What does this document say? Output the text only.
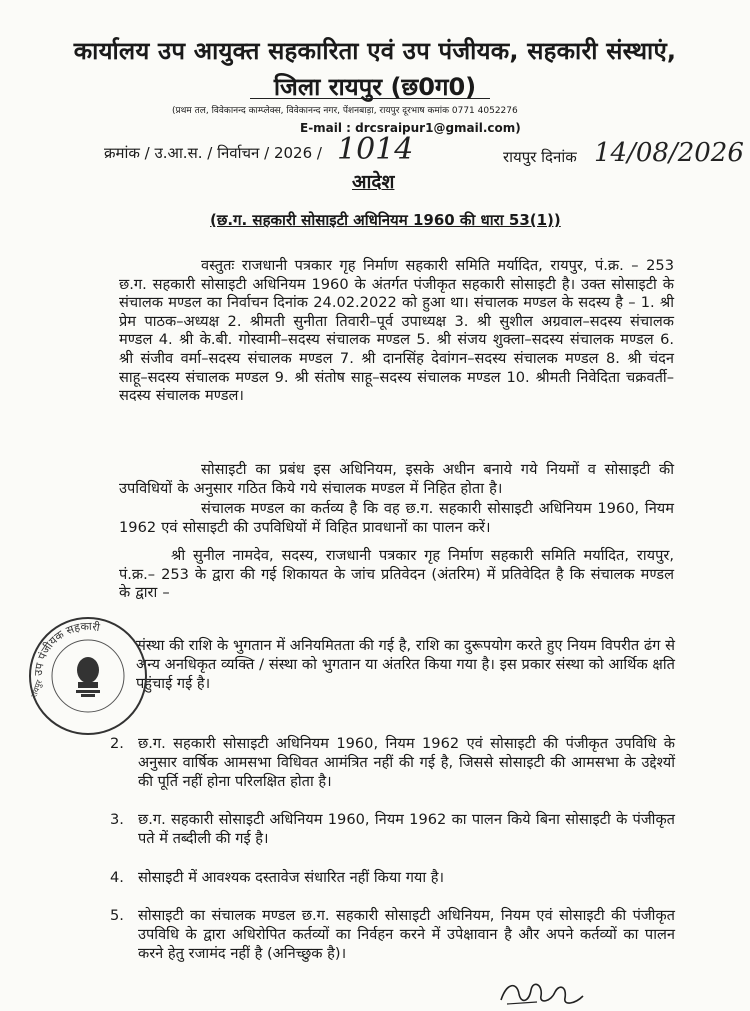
कार्यालय उप आयुक्त सहकारिता एवं उप पंजीयक, सहकारी संस्थाएं,
जिला रायपुर (छ0ग0)
(प्रथम तल, विवेकानन्द काम्प्लेक्स, विवेकानन्द नगर, पेंशनबाड़ा, रायपुर दूरभाष कमांक 0771 4052276
E-mail : drcsraipur1@gmail.com)
क्रमांक / उ.आ.स. / निर्वाचन / 2026 / 1014	रायपुर दिनांक 14/08/2026
आदेश
(छ.ग. सहकारी सोसाइटी अधिनियम 1960 की धारा 53(1))
वस्तुतः राजधानी पत्रकार गृह निर्माण सहकारी समिति मर्यादित, रायपुर, पं.क्र. – 253 छ.ग. सहकारी सोसाइटी अधिनियम 1960 के अंतर्गत पंजीकृत सहकारी सोसाइटी है। उक्त सोसाइटी के संचालक मण्डल का निर्वाचन दिनांक 24.02.2022 को हुआ था। संचालक मण्डल के सदस्य है – 1. श्री प्रेम पाठक–अध्यक्ष 2. श्रीमती सुनीता तिवारी–पूर्व उपाध्यक्ष 3. श्री सुशील अग्रवाल–सदस्य संचालक मण्डल 4. श्री के.बी. गोस्वामी–सदस्य संचालक मण्डल 5. श्री संजय शुक्ला–सदस्य संचालक मण्डल 6. श्री संजीव वर्मा–सदस्य संचालक मण्डल 7. श्री दानसिंह देवांगन–सदस्य संचालक मण्डल 8. श्री चंदन साहू–सदस्य संचालक मण्डल 9. श्री संतोष साहू–सदस्य संचालक मण्डल 10. श्रीमती निवेदिता चक्रवर्ती–सदस्य संचालक मण्डल।
सोसाइटी का प्रबंध इस अधिनियम, इसके अधीन बनाये गये नियमों व सोसाइटी की उपविधियों के अनुसार गठित किये गये संचालक मण्डल में निहित होता है।
संचालक मण्डल का कर्तव्य है कि वह छ.ग. सहकारी सोसाइटी अधिनियम 1960, नियम 1962 एवं सोसाइटी की उपविधियों में विहित प्रावधानों का पालन करें।
श्री सुनील नामदेव, सदस्य, राजधानी पत्रकार गृह निर्माण सहकारी समिति मर्यादित, रायपुर, पं.क्र.– 253 के द्वारा की गई शिकायत के जांच प्रतिवेदन (अंतरिम) में प्रतिवेदित है कि संचालक मण्डल के द्वारा –
संस्था की राशि के भुगतान में अनियमितता की गई है, राशि का दुरूपयोग करते हुए नियम विपरीत ढंग से अन्य अनधिकृत व्यक्ति / संस्था को भुगतान या अंतरित किया गया है। इस प्रकार संस्था को आर्थिक क्षति पहुंचाई गई है।
2. छ.ग. सहकारी सोसाइटी अधिनियम 1960, नियम 1962 एवं सोसाइटी की पंजीकृत उपविधि के अनुसार वार्षिक आमसभा विधिवत आमंत्रित नहीं की गई है, जिससे सोसाइटी की आमसभा के उद्देश्यों की पूर्ति नहीं होना परिलक्षित होता है।
3. छ.ग. सहकारी सोसाइटी अधिनियम 1960, नियम 1962 का पालन किये बिना सोसाइटी के पंजीकृत पते में तब्दीली की गई है।
4. सोसाइटी में आवश्यक दस्तावेज संधारित नहीं किया गया है।
5. सोसाइटी का संचालक मण्डल छ.ग. सहकारी सोसाइटी अधिनियम, नियम एवं सोसाइटी की पंजीकृत उपविधि के द्वारा अधिरोपित कर्तव्यों का निर्वहन करने में उपेक्षावान है और अपने कर्तव्यों का पालन करने हेतु रजामंद नहीं है (अनिच्छुक है)।
उप पंजीयक सहकारी
रायपुर
